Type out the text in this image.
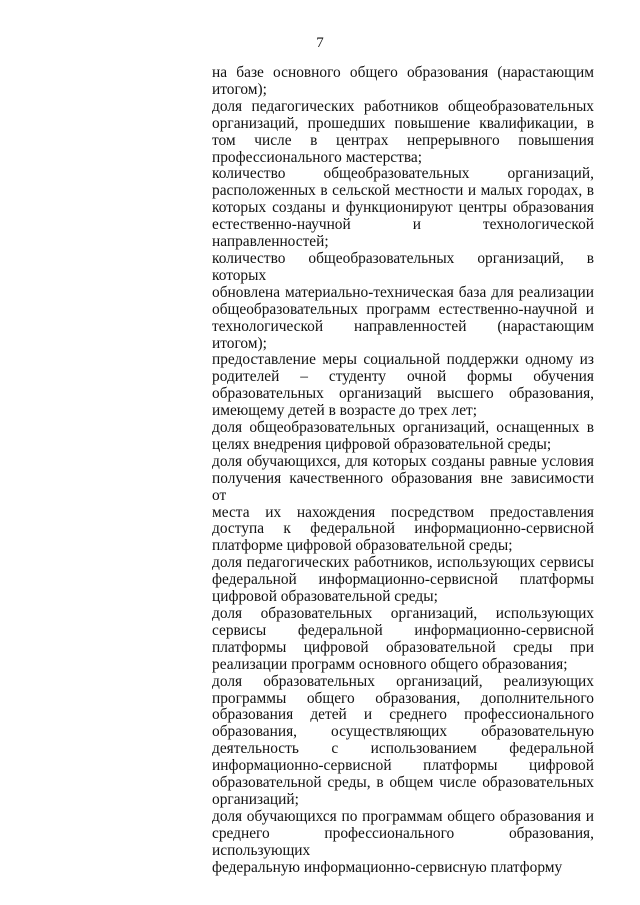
7
на базе основного общего образования (нарастающим
итогом);
доля педагогических работников общеобразовательных
организаций, прошедших повышение квалификации, в
том числе в центрах непрерывного повышения
профессионального мастерства;
количество общеобразовательных организаций,
расположенных в сельской местности и малых городах, в
которых созданы и функционируют центры образования
естественно-научной и технологической
направленностей;
количество общеобразовательных организаций, в которых
обновлена материально-техническая база для реализации
общеобразовательных программ естественно-научной и
технологической направленностей (нарастающим
итогом);
предоставление меры социальной поддержки одному из
родителей – студенту очной формы обучения
образовательных организаций высшего образования,
имеющему детей в возрасте до трех лет;
доля общеобразовательных организаций, оснащенных в
целях внедрения цифровой образовательной среды;
доля обучающихся, для которых созданы равные условия
получения качественного образования вне зависимости от
места их нахождения посредством предоставления
доступа к федеральной информационно-сервисной
платформе цифровой образовательной среды;
доля педагогических работников, использующих сервисы
федеральной информационно-сервисной платформы
цифровой образовательной среды;
доля образовательных организаций, использующих
сервисы федеральной информационно-сервисной
платформы цифровой образовательной среды при
реализации программ основного общего образования;
доля образовательных организаций, реализующих
программы общего образования, дополнительного
образования детей и среднего профессионального
образования, осуществляющих образовательную
деятельность с использованием федеральной
информационно-сервисной платформы цифровой
образовательной среды, в общем числе образовательных
организаций;
доля обучающихся по программам общего образования и
среднего профессионального образования, использующих
федеральную информационно-сервисную платформу
